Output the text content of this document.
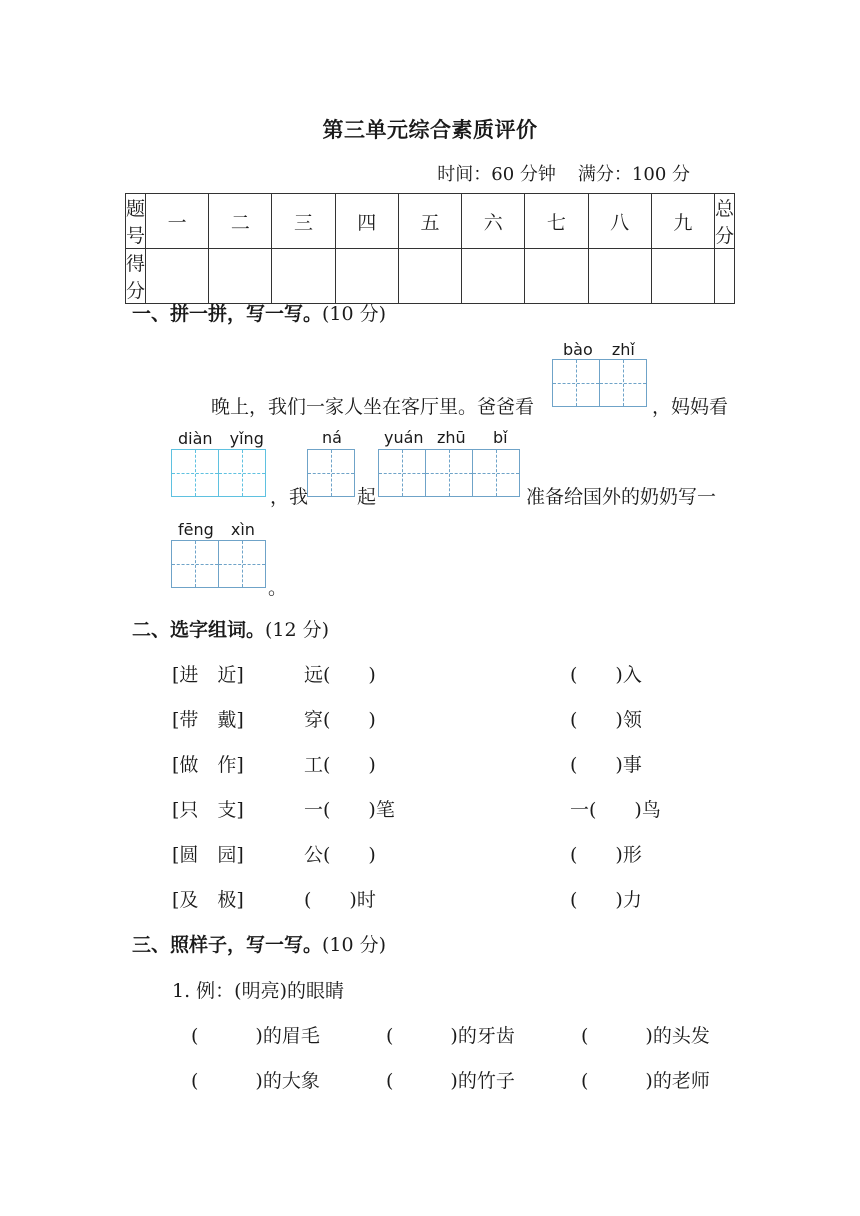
第三单元综合素质评价
时间：60 分钟 满分：100 分
题号	一	二	三	四	五	六	七	八	九	总分
得分										
一、拼一拼，写一写。(10 分)
bào zhǐ
晚上，我们一家人坐在客厅里。爸爸看	，妈妈看
diàn yǐng	ná	yuán zhū bǐ
，我	起	准备给国外的奶奶写一
fēng xìn
。
二、选字组词。(12 分)
[进　近]	远(　　)	(　　)入
[带　戴]	穿(　　)	(　　)领
[做　作]	工(　　)	(　　)事
[只　支]	一(　　)笔	一(　　)鸟
[圆　园]	公(　　)	(　　)形
[及　极]	(　　)时	(　　)力
三、照样子，写一写。(10 分)
1. 例：(明亮)的眼睛
(　　　)的眉毛	(　　　)的牙齿	(　　　)的头发
(　　　)的大象	(　　　)的竹子	(　　　)的老师
